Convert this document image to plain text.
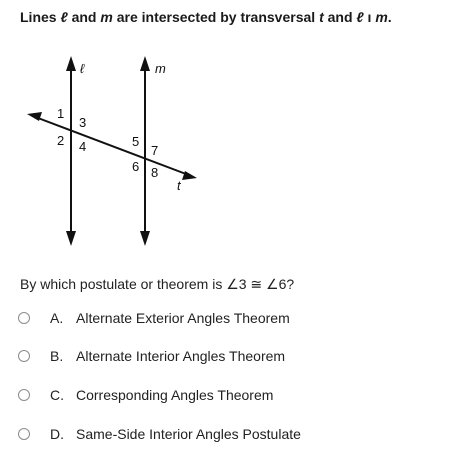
Lines ℓ and m are intersected by transversal t and ℓ ı m.
ℓ	m
t
1
2
3
4	5
6
7
8
By which postulate or theorem is ∠3 ≅ ∠6?
A. Alternate Exterior Angles Theorem
B. Alternate Interior Angles Theorem
C. Corresponding Angles Theorem
D. Same-Side Interior Angles Postulate
